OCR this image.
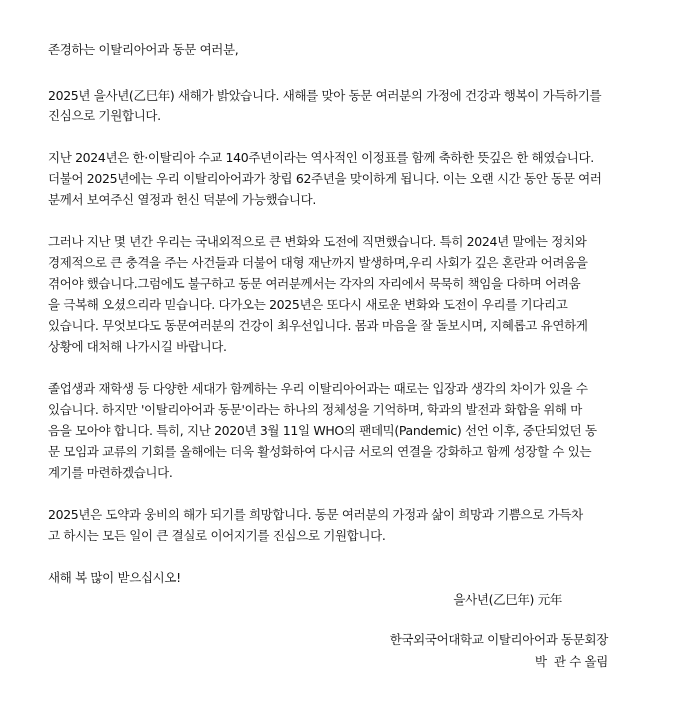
존경하는 이탈리아어과 동문 여러분,
2025년 을사년(乙巳年) 새해가 밝았습니다. 새해를 맞아 동문 여러분의 가정에 건강과 행복이 가득하기를
진심으로 기원합니다.
지난 2024년은 한·이탈리아 수교 140주년이라는 역사적인 이정표를 함께 축하한 뜻깊은 한 해였습니다.
더불어 2025년에는 우리 이탈리아어과가 창립 62주년을 맞이하게 됩니다. 이는 오랜 시간 동안 동문 여러
분께서 보여주신 열정과 헌신 덕분에 가능했습니다.
그러나 지난 몇 년간 우리는 국내외적으로 큰 변화와 도전에 직면했습니다. 특히 2024년 말에는 정치와
경제적으로 큰 충격을 주는 사건들과 더불어 대형 재난까지 발생하며,우리 사회가 깊은 혼란과 어려움을
겪어야 했습니다.그럼에도 불구하고 동문 여러분께서는 각자의 자리에서 묵묵히 책임을 다하며 어려움
을 극복해 오셨으리라 믿습니다. 다가오는 2025년은 또다시 새로운 변화와 도전이 우리를 기다리고
있습니다. 무엇보다도 동문여러분의 건강이 최우선입니다. 몸과 마음을 잘 돌보시며, 지혜롭고 유연하게
상황에 대처해 나가시길 바랍니다.
졸업생과 재학생 등 다양한 세대가 함께하는 우리 이탈리아어과는 때로는 입장과 생각의 차이가 있을 수
있습니다. 하지만 '이탈리아어과 동문'이라는 하나의 정체성을 기억하며, 학과의 발전과 화합을 위해 마
음을 모아야 합니다. 특히, 지난 2020년 3월 11일 WHO의 팬데믹(Pandemic) 선언 이후, 중단되었던 동
문 모임과 교류의 기회를 올해에는 더욱 활성화하여 다시금 서로의 연결을 강화하고 함께 성장할 수 있는
계기를 마련하겠습니다.
2025년은 도약과 웅비의 해가 되기를 희망합니다. 동문 여러분의 가정과 삶이 희망과 기쁨으로 가득차
고 하시는 모든 일이 큰 결실로 이어지기를 진심으로 기원합니다.
새해 복 많이 받으십시오!
을사년(乙巳年) 元年
한국외국어대학교 이탈리아어과 동문회장
박  관 수 올림
